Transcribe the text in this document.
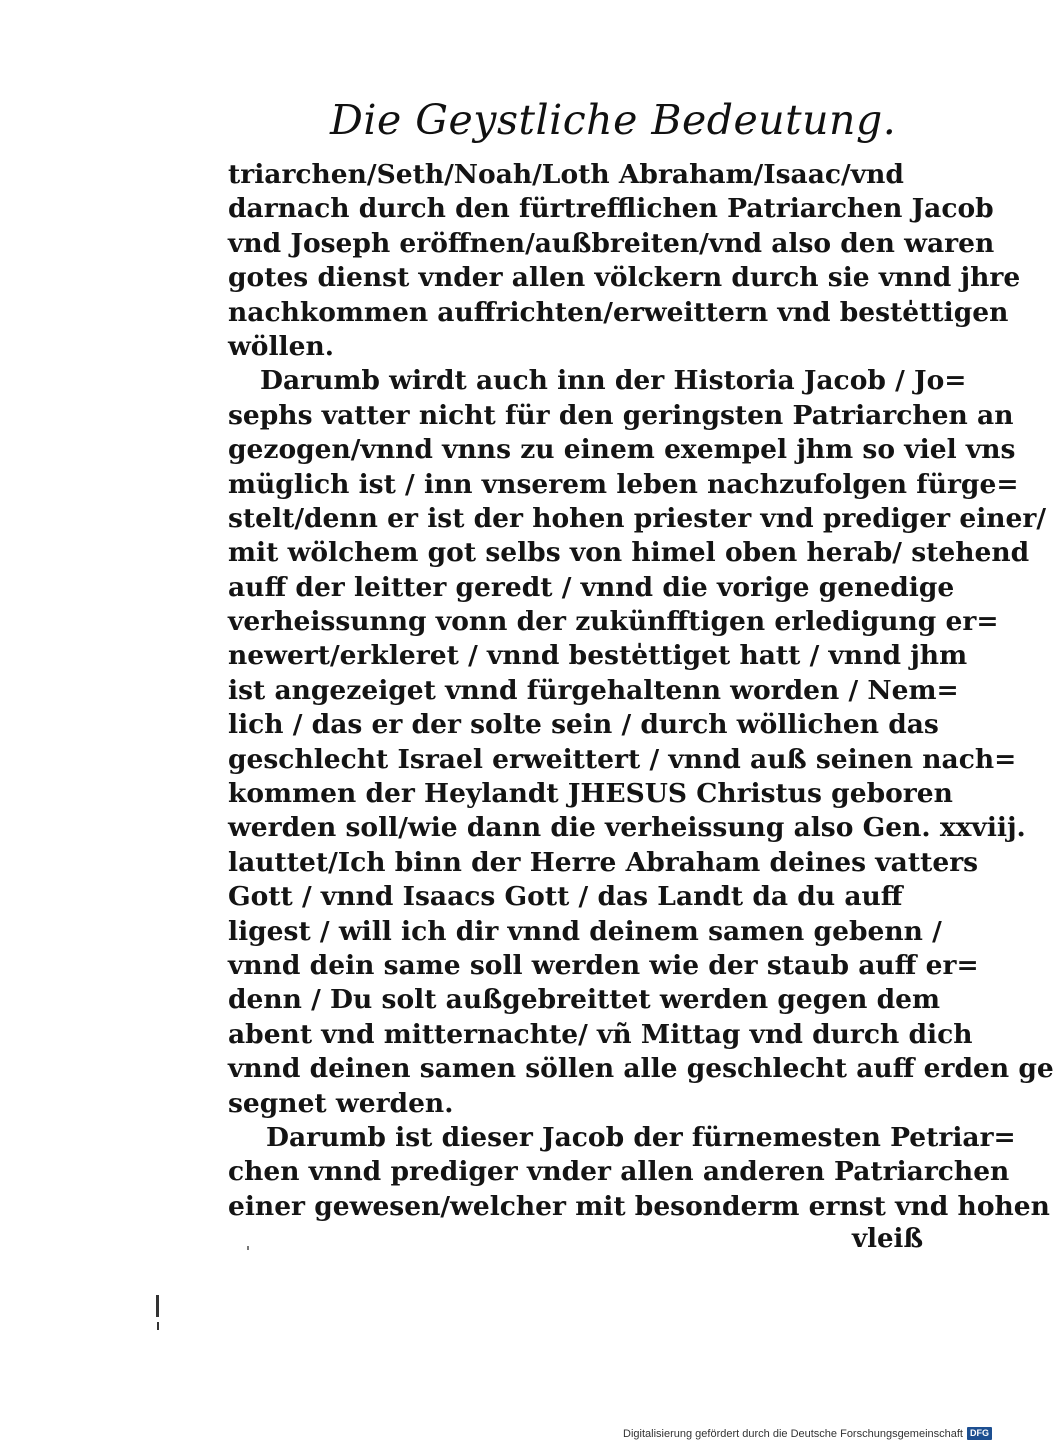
Die Geystliche Bedeutung.
triarchen/Seth/Noah/Loth Abraham/Isaac/vnd
darnach durch den fürtrefflichen Patriarchen Jacob
vnd Joseph eröffnen/außbreiten/vnd also den waren
gotes dienst vnder allen völckern durch sie vnnd jhre
nachkommen auffrichten/erweittern vnd beste̍ttigen
wöllen.
Darumb wirdt auch inn der Historia Jacob / Jo=
sephs vatter nicht für den geringsten Patriarchen an
gezogen/vnnd vnns zu einem exempel jhm so viel vns
müglich ist / inn vnserem leben nachzufolgen fürge=
stelt/denn er ist der hohen priester vnd prediger einer/
mit wölchem got selbs von himel oben herab/ stehend
auff der leitter geredt / vnnd die vorige genedige
verheissunng vonn der zukünfftigen erledigung er=
newert/erkleret / vnnd beste̍ttiget hatt / vnnd jhm
ist angezeiget vnnd fürgehaltenn worden / Nem=
lich / das er der solte sein / durch wöllichen das
geschlecht Israel erweittert / vnnd auß seinen nach=
kommen der Heylandt JHESUS Christus geboren
werden soll/wie dann die verheissung also Gen. xxviij.
lauttet/Ich binn der Herre Abraham deines vatters
Gott / vnnd Isaacs Gott / das Landt da du auff
ligest / will ich dir vnnd deinem samen gebenn /
vnnd dein same soll werden wie der staub auff er=
denn / Du solt außgebreittet werden gegen dem
abent vnd mitternachte/ vñ Mittag vnd durch dich
vnnd deinen samen söllen alle geschlecht auff erden ge
segnet werden.
Darumb ist dieser Jacob der fürnemesten Petriar=
chen vnnd prediger vnder allen anderen Patriarchen
einer gewesen/welcher mit besonderm ernst vnd hohen
vleiß
Digitalisierung gefördert durch die Deutsche Forschungsgemeinschaft DFG
